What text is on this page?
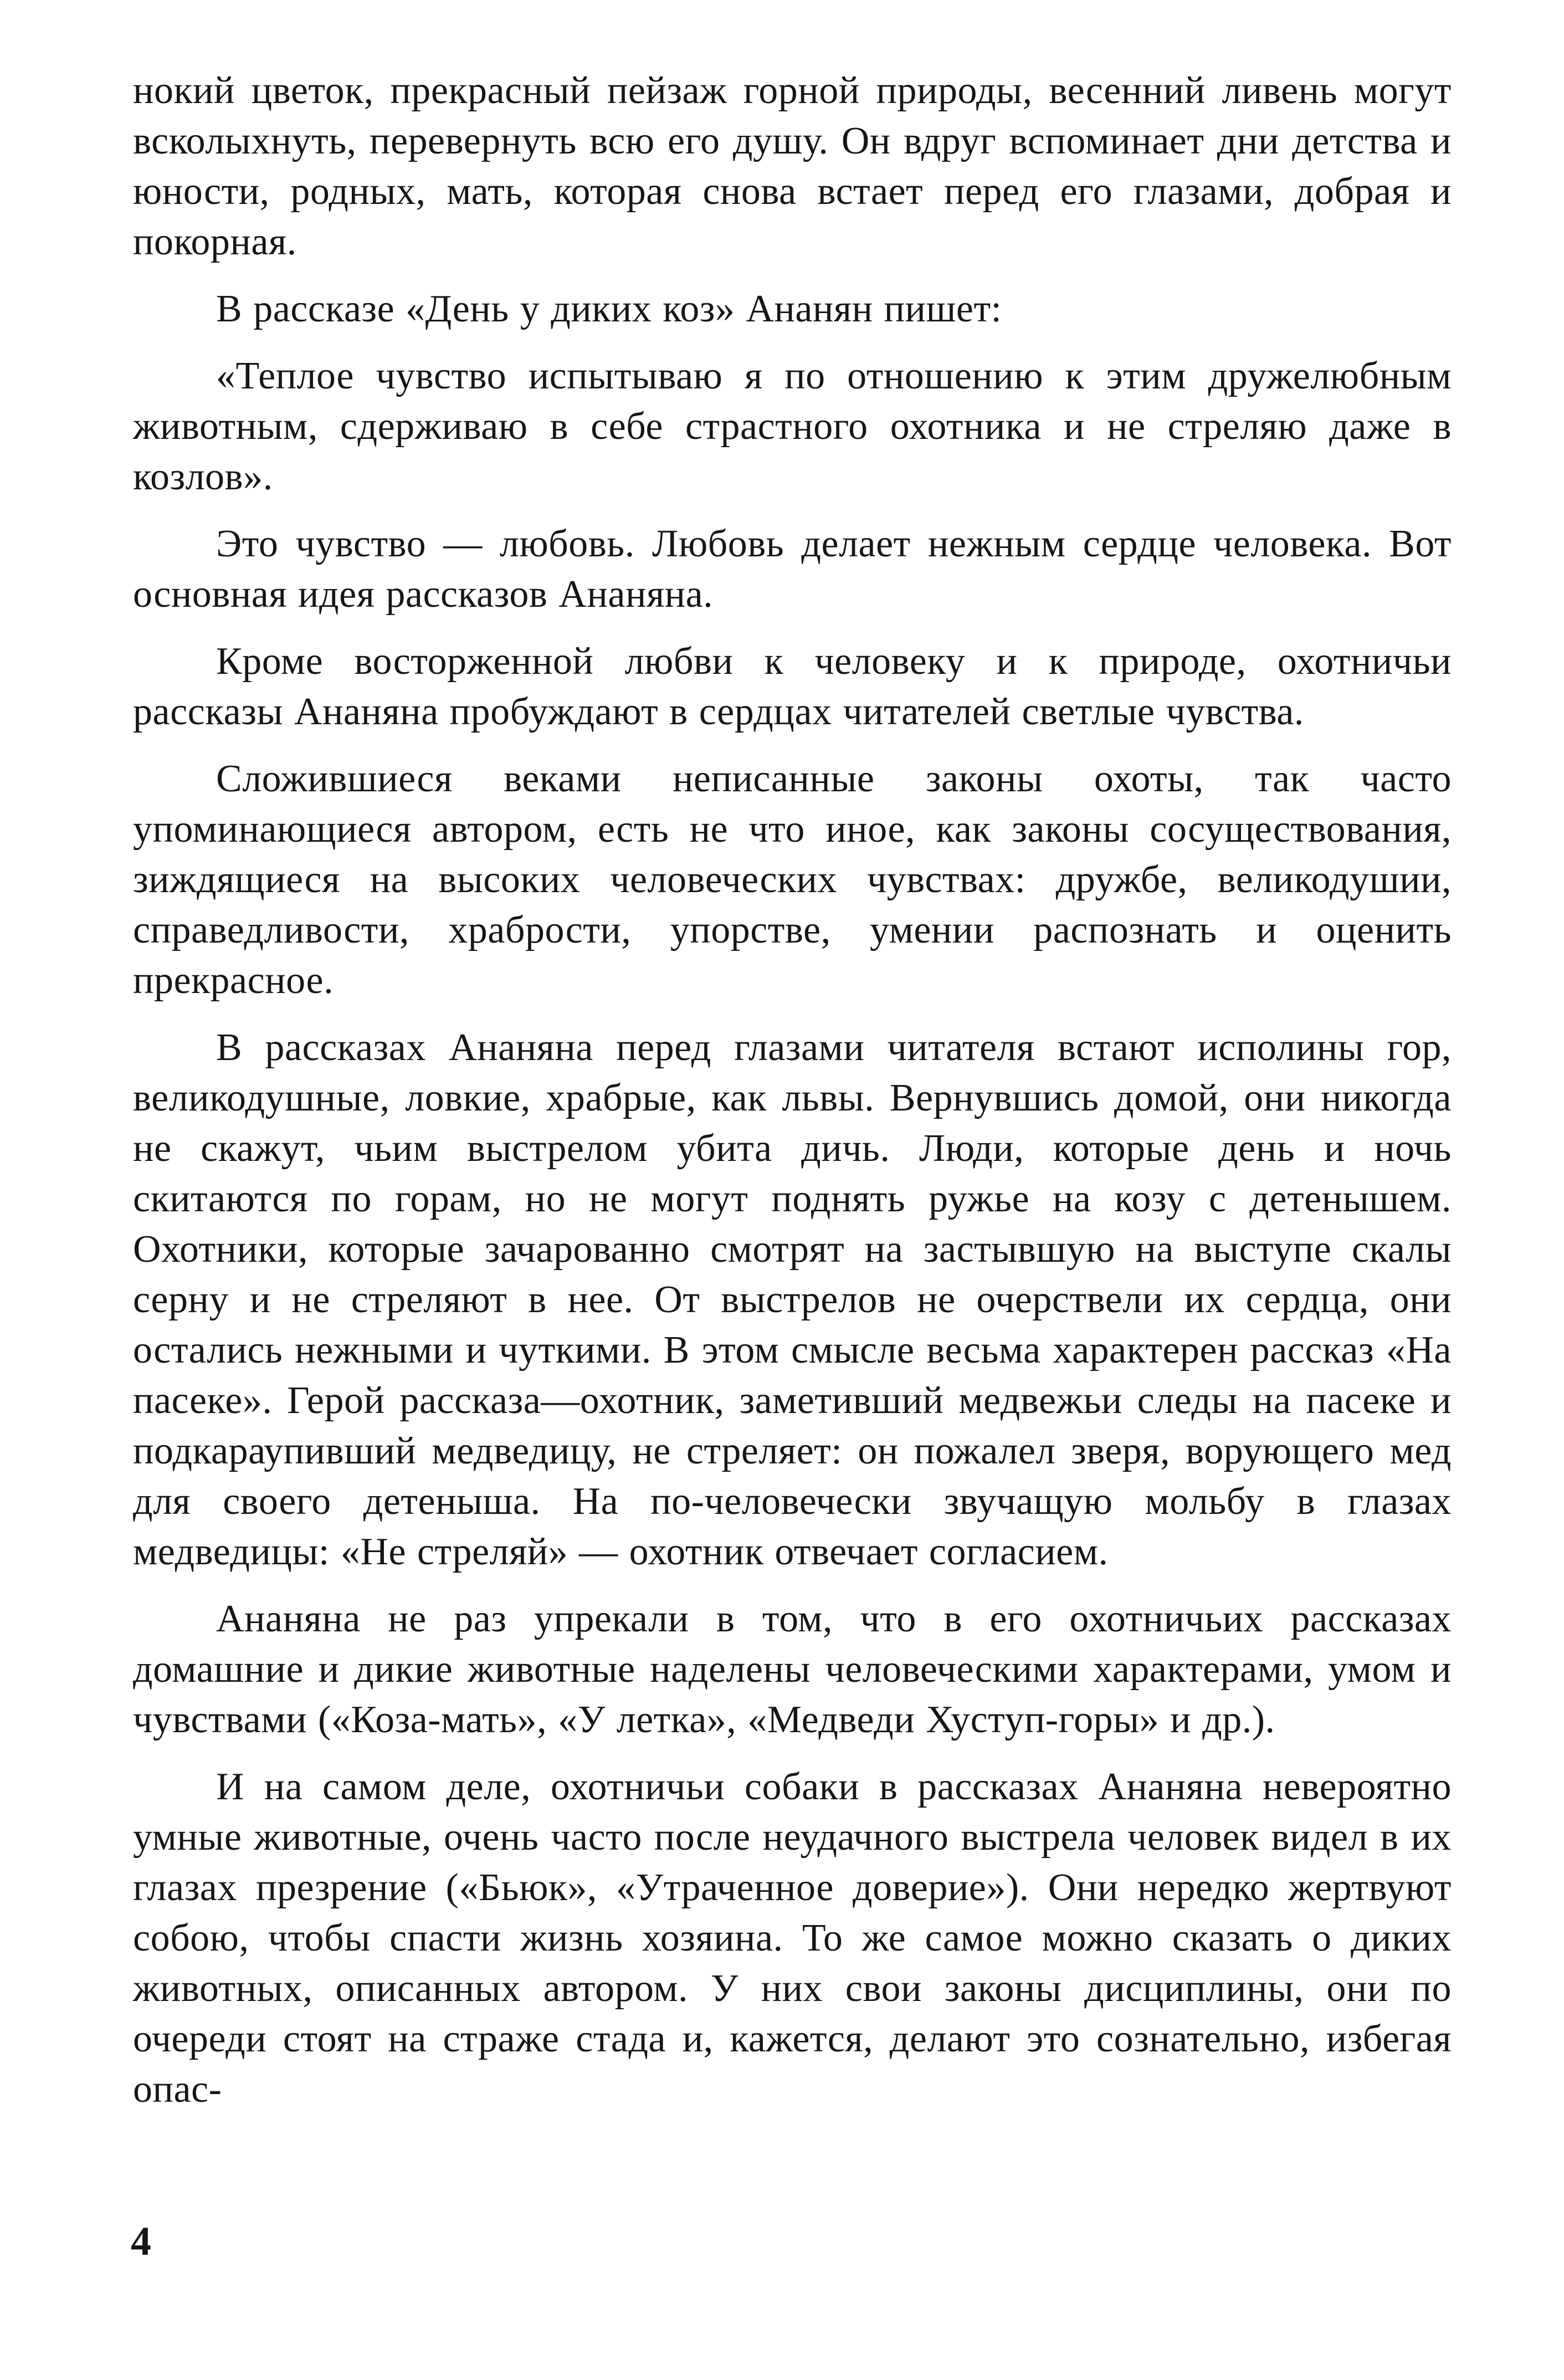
нокий цветок, прекрасный пейзаж горной природы, весенний ливень могут всколыхнуть, перевернуть всю его душу. Он вдруг вспоминает дни детства и юности, родных, мать, которая снова встает перед его глазами, добрая и покорная.

В рассказе «День у диких коз» Ананян пишет:

«Теплое чувство испытываю я по отношению к этим дружелюбным животным, сдерживаю в себе страстного охотника и не стреляю даже в козлов».

Это чувство — любовь. Любовь делает нежным сердце человека. Вот основная идея рассказов Ананяна.

Кроме восторженной любви к человеку и к природе, охотничьи рассказы Ананяна пробуждают в сердцах читателей светлые чувства.

Сложившиеся веками неписанные законы охоты, так часто упоминающиеся автором, есть не что иное, как законы сосуществования, зиждящиеся на высоких человеческих чувствах: дружбе, великодушии, справедливости, храбрости, упорстве, умении распознать и оценить прекрасное.

В рассказах Ананяна перед глазами читателя встают исполины гор, великодушные, ловкие, храбрые, как львы. Вернувшись домой, они никогда не скажут, чьим выстрелом убита дичь. Люди, которые день и ночь скитаются по горам, но не могут поднять ружье на козу с детенышем. Охотники, которые зачарованно смотрят на застывшую на выступе скалы серну и не стреляют в нее. От выстрелов не очерствели их сердца, они остались нежными и чуткими. В этом смысле весьма характерен рассказ «На пасеке». Герой рассказа—охотник, заметивший медвежьи следы на пасеке и подкараупивший медведицу, не стреляет: он пожалел зверя, ворующего мед для своего детеныша. На по-человечески звучащую мольбу в глазах медведицы: «Не стреляй» — охотник отвечает согласием.

Ананяна не раз упрекали в том, что в его охотничьих рассказах домашние и дикие животные наделены человеческими характерами, умом и чувствами («Коза-мать», «У летка», «Медведи Хуступ-горы» и др.).

И на самом деле, охотничьи собаки в рассказах Ананяна невероятно умные животные, очень часто после неудачного выстрела человек видел в их глазах презрение («Бьюк», «Утраченное доверие»). Они нередко жертвуют собою, чтобы спасти жизнь хозяина. То же самое можно сказать о диких животных, описанных автором. У них свои законы дисциплины, они по очереди стоят на страже стада и, кажется, делают это сознательно, избегая опас-

4
